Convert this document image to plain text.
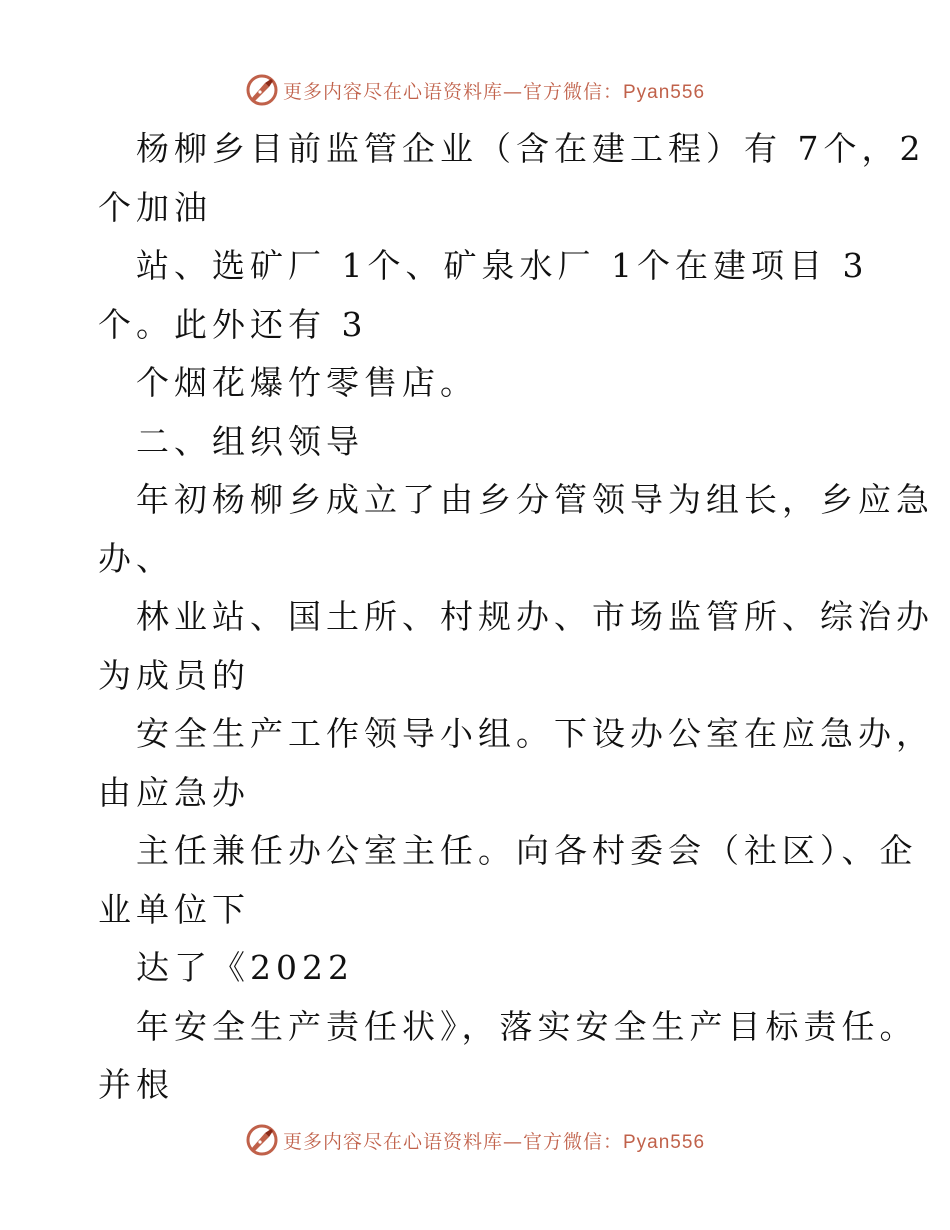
更多内容尽在心语资料库—官方微信：Pyan556
杨柳乡目前监管企业（含在建工程）有 7个，2
个加油
站、选矿厂 1个、矿泉水厂 1个在建项目 3
个。此外还有 3
个烟花爆竹零售店。
二、组织领导
年初杨柳乡成立了由乡分管领导为组长，乡应急
办、
林业站、国土所、村规办、市场监管所、综治办
为成员的
安全生产工作领导小组。下设办公室在应急办，
由应急办
主任兼任办公室主任。向各村委会（社区）、企
业单位下
达了《2022
年安全生产责任状》，落实安全生产目标责任。
并根
更多内容尽在心语资料库—官方微信：Pyan556
